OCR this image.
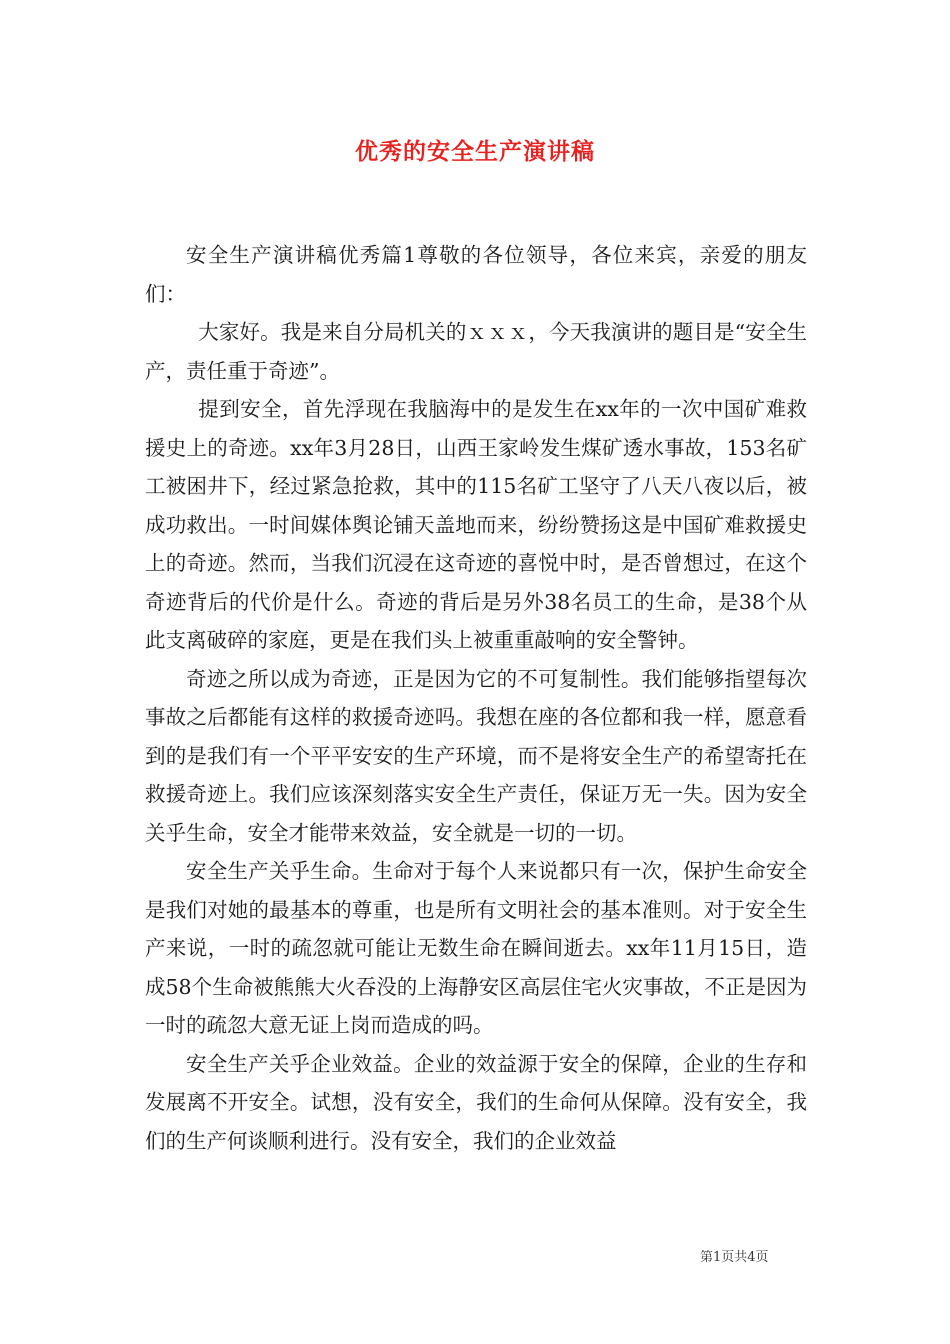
优秀的安全生产演讲稿

安全生产演讲稿优秀篇1尊敬的各位领导，各位来宾，亲爱的朋友们：

大家好。我是来自分局机关的ｘｘｘ，今天我演讲的题目是“安全生产，责任重于奇迹”。

提到安全，首先浮现在我脑海中的是发生在xx年的一次中国矿难救援史上的奇迹。xx年3月28日，山西王家岭发生煤矿透水事故，153名矿工被困井下，经过紧急抢救，其中的115名矿工坚守了八天八夜以后，被成功救出。一时间媒体舆论铺天盖地而来，纷纷赞扬这是中国矿难救援史上的奇迹。然而，当我们沉浸在这奇迹的喜悦中时，是否曾想过，在这个奇迹背后的代价是什么。奇迹的背后是另外38名员工的生命，是38个从此支离破碎的家庭，更是在我们头上被重重敲响的安全警钟。

奇迹之所以成为奇迹，正是因为它的不可复制性。我们能够指望每次事故之后都能有这样的救援奇迹吗。我想在座的各位都和我一样，愿意看到的是我们有一个平平安安的生产环境，而不是将安全生产的希望寄托在救援奇迹上。我们应该深刻落实安全生产责任，保证万无一失。因为安全关乎生命，安全才能带来效益，安全就是一切的一切。

安全生产关乎生命。生命对于每个人来说都只有一次，保护生命安全是我们对她的最基本的尊重，也是所有文明社会的基本准则。对于安全生产来说，一时的疏忽就可能让无数生命在瞬间逝去。xx年11月15日，造成58个生命被熊熊大火吞没的上海静安区高层住宅火灾事故，不正是因为一时的疏忽大意无证上岗而造成的吗。

安全生产关乎企业效益。企业的效益源于安全的保障，企业的生存和发展离不开安全。试想，没有安全，我们的生命何从保障。没有安全，我们的生产何谈顺利进行。没有安全，我们的企业效益

第1页共4页
